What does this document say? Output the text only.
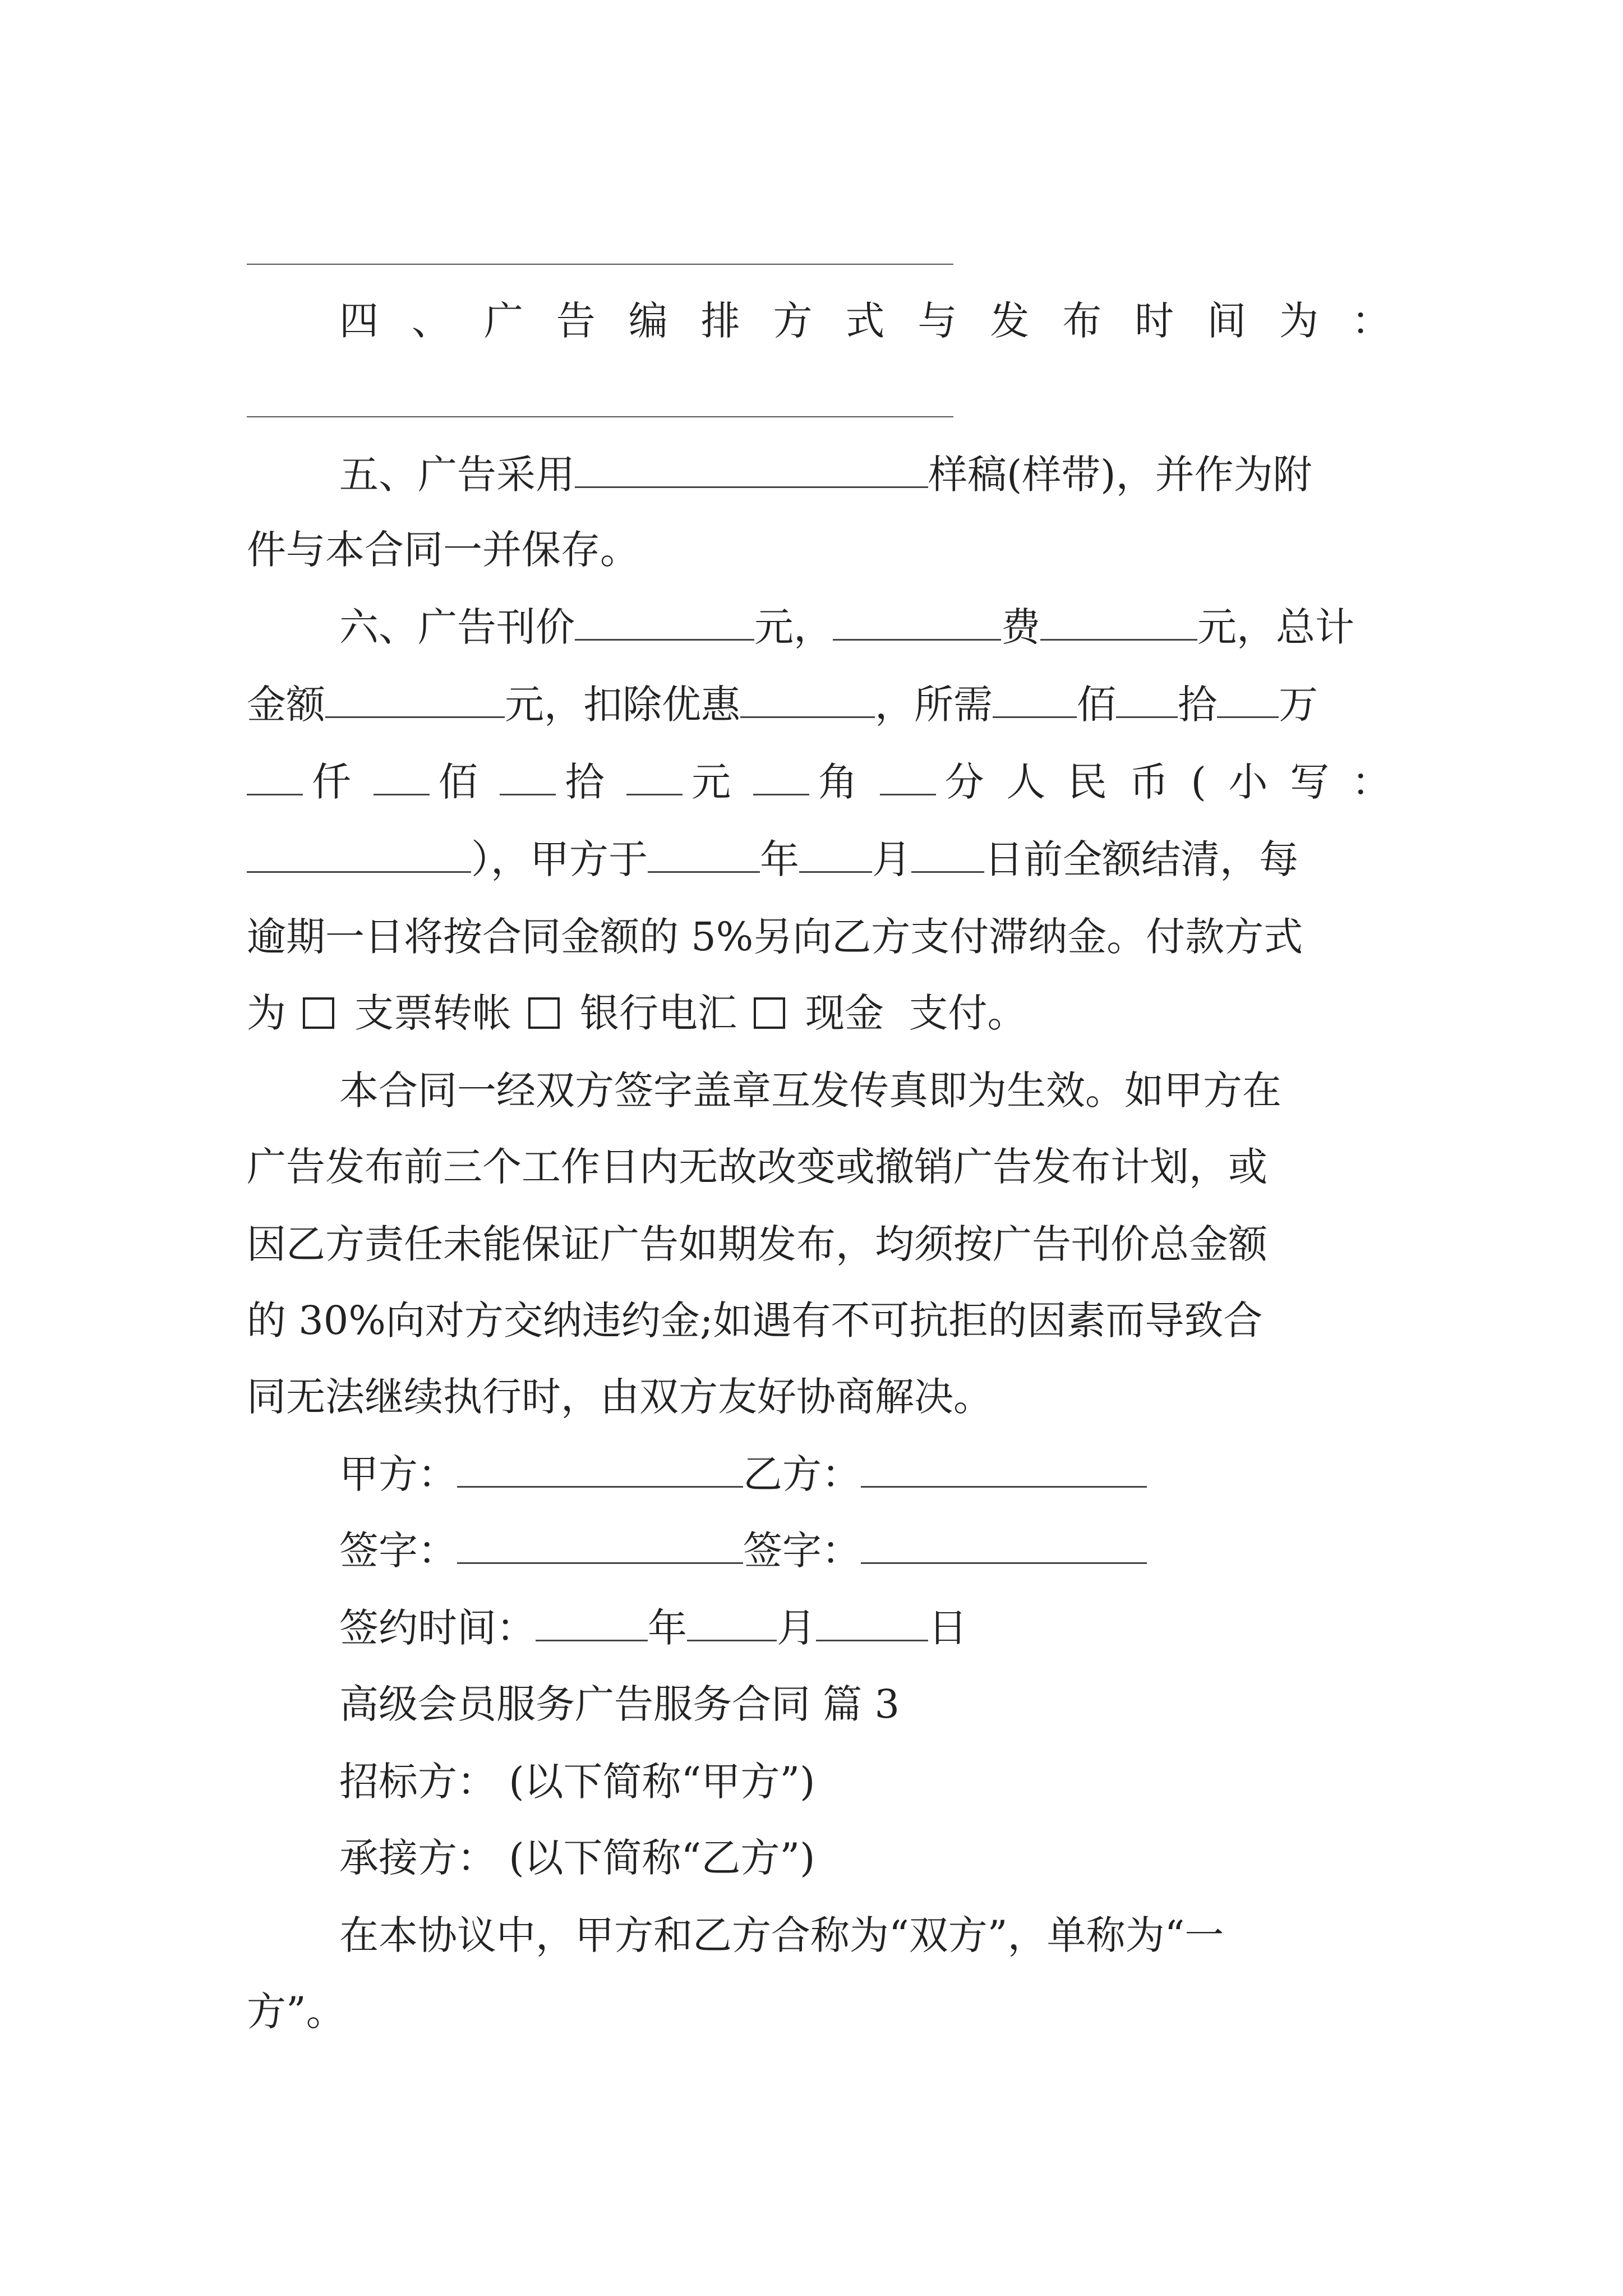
四 、 广 告 编 排 方 式 与 发 布 时 间 为 ：
五、广告采用	样稿(样带)，并作为附
件与本合同一并保存。
六、广告刊价	元，	费	元，总计
金额	元，扣除优惠	，所需 佰 拾 万
仟	佰	拾	元	角	分 人 民 币 ( 小 写 ：
），甲方于	年 月 日前全额结清，每
逾期一日将按合同金额的 5%另向乙方支付滞纳金。付款方式
为 支票转帐 银行电汇 现金 支付。
本合同一经双方签字盖章互发传真即为生效。如甲方在
广告发布前三个工作日内无故改变或撤销广告发布计划，或
因乙方责任未能保证广告如期发布，均须按广告刊价总金额
的 30%向对方交纳违约金;如遇有不可抗拒的因素而导致合
同无法继续执行时，由双方友好协商解决。
甲方：	乙方：
签字：	签字：
签约时间：	年 月	日
高级会员服务广告服务合同 篇 3
招标方： (以下简称“甲方”)
承接方： (以下简称“乙方”)
在本协议中，甲方和乙方合称为“双方”，单称为“一
方”。
